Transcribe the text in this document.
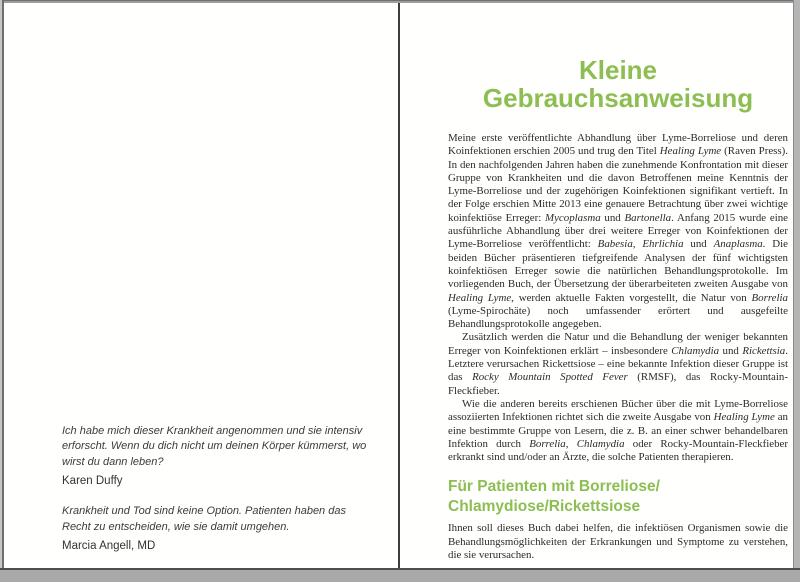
Ich habe mich dieser Krankheit angenommen und sie intensiv erforscht. Wenn du dich nicht um deinen Körper kümmerst, wo wirst du dann leben?
Karen Duffy
Krankheit und Tod sind keine Option. Patienten haben das Recht zu entscheiden, wie sie damit umgehen.
Marcia Angell, MD
Kleine
Gebrauchsanweisung

Meine erste veröffentlichte Abhandlung über Lyme-Borreliose und deren Koinfektionen erschien 2005 und trug den Titel Healing Lyme (Raven Press). In den nachfolgenden Jahren haben die zunehmende Konfrontation mit dieser Gruppe von Krankheiten und die davon Betroffenen meine Kenntnis der Lyme-Borreliose und der zugehörigen Koinfektionen signifikant vertieft. In der Folge erschien Mitte 2013 eine genauere Betrachtung über zwei wichtige koinfektiöse Erreger: Mycoplasma und Bartonella. Anfang 2015 wurde eine ausführliche Abhandlung über drei weitere Erreger von Koinfektionen der Lyme-Borreliose veröffentlicht: Babesia, Ehrlichia und Anaplasma. Die beiden Bücher präsentieren tiefgreifende Analysen der fünf wichtigsten koinfektiösen Erreger sowie die natürlichen Behandlungsprotokolle. Im vorliegenden Buch, der Übersetzung der überarbeiteten zweiten Ausgabe von Healing Lyme, werden aktuelle Fakten vorgestellt, die Natur von Borrelia (Lyme-Spirochäte) noch umfassender erörtert und ausgefeilte Behandlungsprotokolle angegeben.

Zusätzlich werden die Natur und die Behandlung der weniger bekannten Erreger von Koinfektionen erklärt – insbesondere Chlamydia und Rickettsia. Letztere verursachen Rickettsiose – eine bekannte Infektion dieser Gruppe ist das Rocky Mountain Spotted Fever (RMSF), das Rocky-Mountain-Fleckfieber.

Wie die anderen bereits erschienen Bücher über die mit Lyme-Borreliose assoziierten Infektionen richtet sich die zweite Ausgabe von Healing Lyme an eine bestimmte Gruppe von Lesern, die z. B. an einer schwer behandelbaren Infektion durch Borrelia, Chlamydia oder Rocky-Mountain-Fleckfieber erkrankt sind und/oder an Ärzte, die solche Patienten therapieren.

Für Patienten mit Borreliose/
Chlamydiose/Rickettsiose

Ihnen soll dieses Buch dabei helfen, die infektiösen Organismen sowie die Behandlungsmöglichkeiten der Erkrankungen und Symptome zu verstehen, die sie verursachen.
